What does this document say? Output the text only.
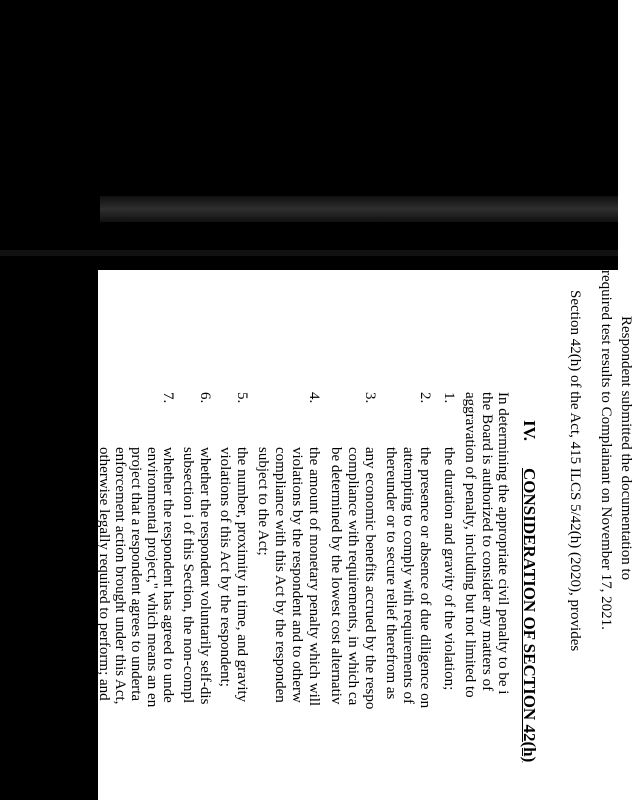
Respondent submitted the documentation to
required test results to Complainant on November 17, 2021.
IV.
CONSIDERATION OF SECTION 42(h) Section 42(h) of the Act, 415 ILCS 5/42(h) (2020), provides
In determining the appropriate civil penalty to be i
the Board is authorized to consider any matters of
aggravation of penalty, including but not limited to
1.
the duration and gravity of the violation;
2.
the presence or absence of due diligence on
attempting to comply with requirements of
thereunder or to secure relief therefrom as
3.
any economic benefits accrued by the respo
compliance with requirements, in which ca
be determined by the lowest cost alternativ
4.
the amount of monetary penalty which will
violations by the respondent and to otherw
compliance with this Act by the responden
subject to the Act;
5.
the number, proximity in time, and gravity
violations of this Act by the respondent;
6.
whether the respondent voluntarily self-dis
subsection i of this Section, the non-compl
7.
whether the respondent has agreed to unde
environmental project," which means an en
project that a respondent agrees to underta
enforcement action brought under this Act,
otherwise legally required to perform; and
5
